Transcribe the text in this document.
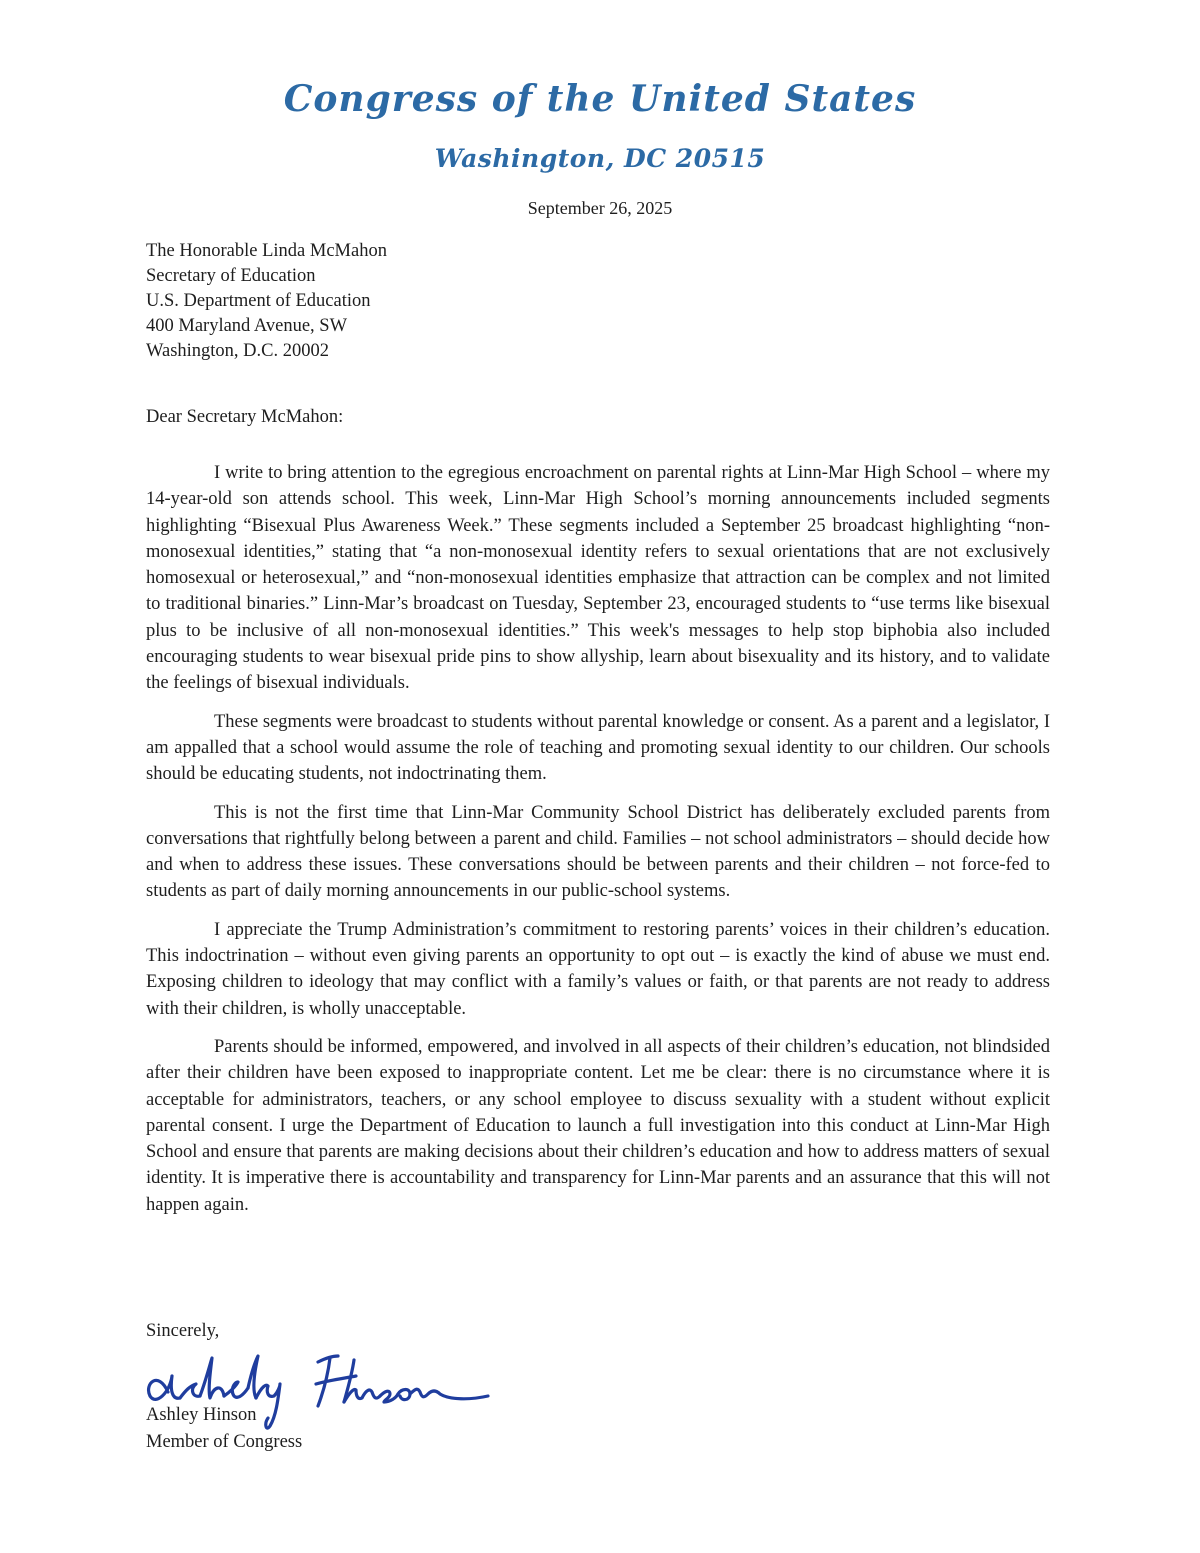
Congress of the United States
Washington, DC 20515
September 26, 2025
The Honorable Linda McMahon
Secretary of Education
U.S. Department of Education
400 Maryland Avenue, SW
Washington, D.C. 20002
Dear Secretary McMahon:

I write to bring attention to the egregious encroachment on parental rights at Linn-Mar High School – where my 14-year-old son attends school. This week, Linn-Mar High School’s morning announcements included segments highlighting “Bisexual Plus Awareness Week.” These segments included a September 25 broadcast highlighting “non-monosexual identities,” stating that “a non-monosexual identity refers to sexual orientations that are not exclusively homosexual or heterosexual,” and “non-monosexual identities emphasize that attraction can be complex and not limited to traditional binaries.” Linn-Mar’s broadcast on Tuesday, September 23, encouraged students to “use terms like bisexual plus to be inclusive of all non-monosexual identities.” This week's messages to help stop biphobia also included encouraging students to wear bisexual pride pins to show allyship, learn about bisexuality and its history, and to validate the feelings of bisexual individuals.

These segments were broadcast to students without parental knowledge or consent. As a parent and a legislator, I am appalled that a school would assume the role of teaching and promoting sexual identity to our children. Our schools should be educating students, not indoctrinating them.

This is not the first time that Linn-Mar Community School District has deliberately excluded parents from conversations that rightfully belong between a parent and child. Families – not school administrators – should decide how and when to address these issues. These conversations should be between parents and their children – not force-fed to students as part of daily morning announcements in our public-school systems.

I appreciate the Trump Administration’s commitment to restoring parents’ voices in their children’s education. This indoctrination – without even giving parents an opportunity to opt out – is exactly the kind of abuse we must end. Exposing children to ideology that may conflict with a family’s values or faith, or that parents are not ready to address with their children, is wholly unacceptable.

Parents should be informed, empowered, and involved in all aspects of their children’s education, not blindsided after their children have been exposed to inappropriate content. Let me be clear: there is no circumstance where it is acceptable for administrators, teachers, or any school employee to discuss sexuality with a student without explicit parental consent. I urge the Department of Education to launch a full investigation into this conduct at Linn-Mar High School and ensure that parents are making decisions about their children’s education and how to address matters of sexual identity. It is imperative there is accountability and transparency for Linn-Mar parents and an assurance that this will not happen again.

Sincerely,
Ashley Hinson
Member of Congress
